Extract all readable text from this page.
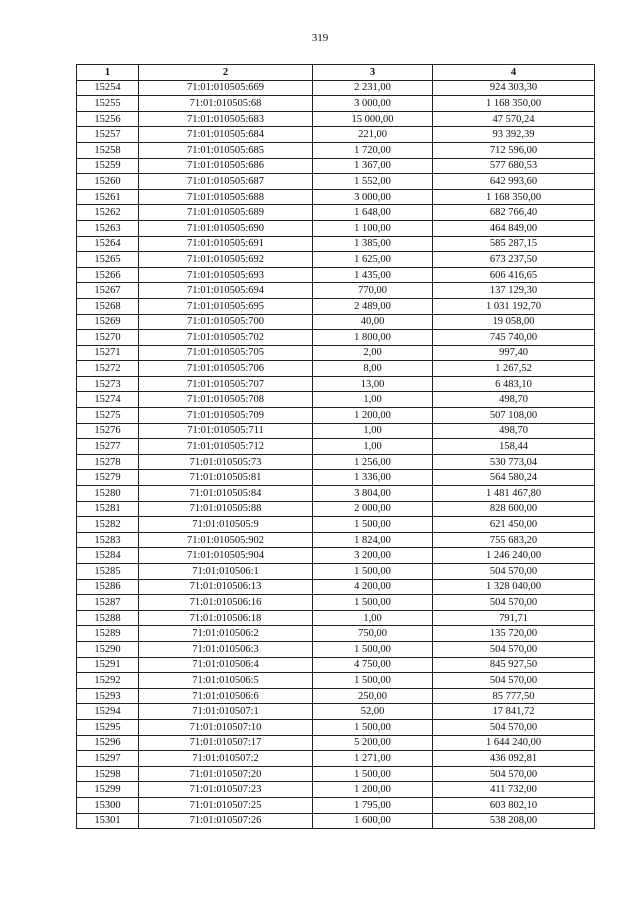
319
1	2	3	4
15254	71:01:010505:669	2 231,00	924 303,30
15255	71:01:010505:68	3 000,00	1 168 350,00
15256	71:01:010505:683	15 000,00	47 570,24
15257	71:01:010505:684	221,00	93 392,39
15258	71:01:010505:685	1 720,00	712 596,00
15259	71:01:010505:686	1 367,00	577 680,53
15260	71:01:010505:687	1 552,00	642 993,60
15261	71:01:010505:688	3 000,00	1 168 350,00
15262	71:01:010505:689	1 648,00	682 766,40
15263	71:01:010505:690	1 100,00	464 849,00
15264	71:01:010505:691	1 385,00	585 287,15
15265	71:01:010505:692	1 625,00	673 237,50
15266	71:01:010505:693	1 435,00	606 416,65
15267	71:01:010505:694	770,00	137 129,30
15268	71:01:010505:695	2 489,00	1 031 192,70
15269	71:01:010505:700	40,00	19 058,00
15270	71:01:010505:702	1 800,00	745 740,00
15271	71:01:010505:705	2,00	997,40
15272	71:01:010505:706	8,00	1 267,52
15273	71:01:010505:707	13,00	6 483,10
15274	71:01:010505:708	1,00	498,70
15275	71:01:010505:709	1 200,00	507 108,00
15276	71:01:010505:711	1,00	498,70
15277	71:01:010505:712	1,00	158,44
15278	71:01:010505:73	1 256,00	530 773,04
15279	71:01:010505:81	1 336,00	564 580,24
15280	71:01:010505:84	3 804,00	1 481 467,80
15281	71:01:010505:88	2 000,00	828 600,00
15282	71:01:010505:9	1 500,00	621 450,00
15283	71:01:010505:902	1 824,00	755 683,20
15284	71:01:010505:904	3 200,00	1 246 240,00
15285	71:01:010506:1	1 500,00	504 570,00
15286	71:01:010506:13	4 200,00	1 328 040,00
15287	71:01:010506:16	1 500,00	504 570,00
15288	71:01:010506:18	1,00	791,71
15289	71:01:010506:2	750,00	135 720,00
15290	71:01:010506:3	1 500,00	504 570,00
15291	71:01:010506:4	4 750,00	845 927,50
15292	71:01:010506:5	1 500,00	504 570,00
15293	71:01:010506:6	250,00	85 777,50
15294	71:01:010507:1	52,00	17 841,72
15295	71:01:010507:10	1 500,00	504 570,00
15296	71:01:010507:17	5 200,00	1 644 240,00
15297	71:01:010507:2	1 271,00	436 092,81
15298	71:01:010507:20	1 500,00	504 570,00
15299	71:01:010507:23	1 200,00	411 732,00
15300	71:01:010507:25	1 795,00	603 802,10
15301	71:01:010507:26	1 600,00	538 208,00
